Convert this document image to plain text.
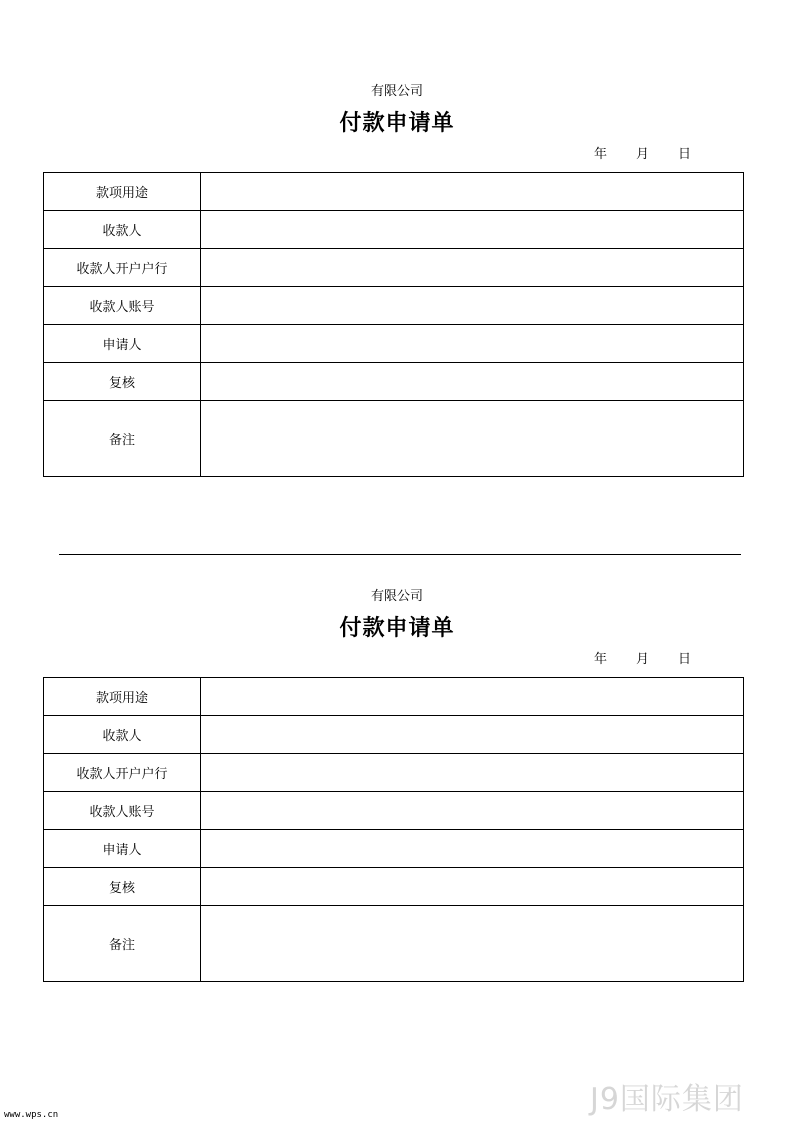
有限公司
付款申请单
年 月 日
款项用途	
收款人	
收款人开户户行	
收款人账号	
申请人	
复核	
备注	
有限公司
付款申请单
年 月 日
款项用途	
收款人	
收款人开户户行	
收款人账号	
申请人	
复核	
备注	
www.wps.cn	J9国际集团
